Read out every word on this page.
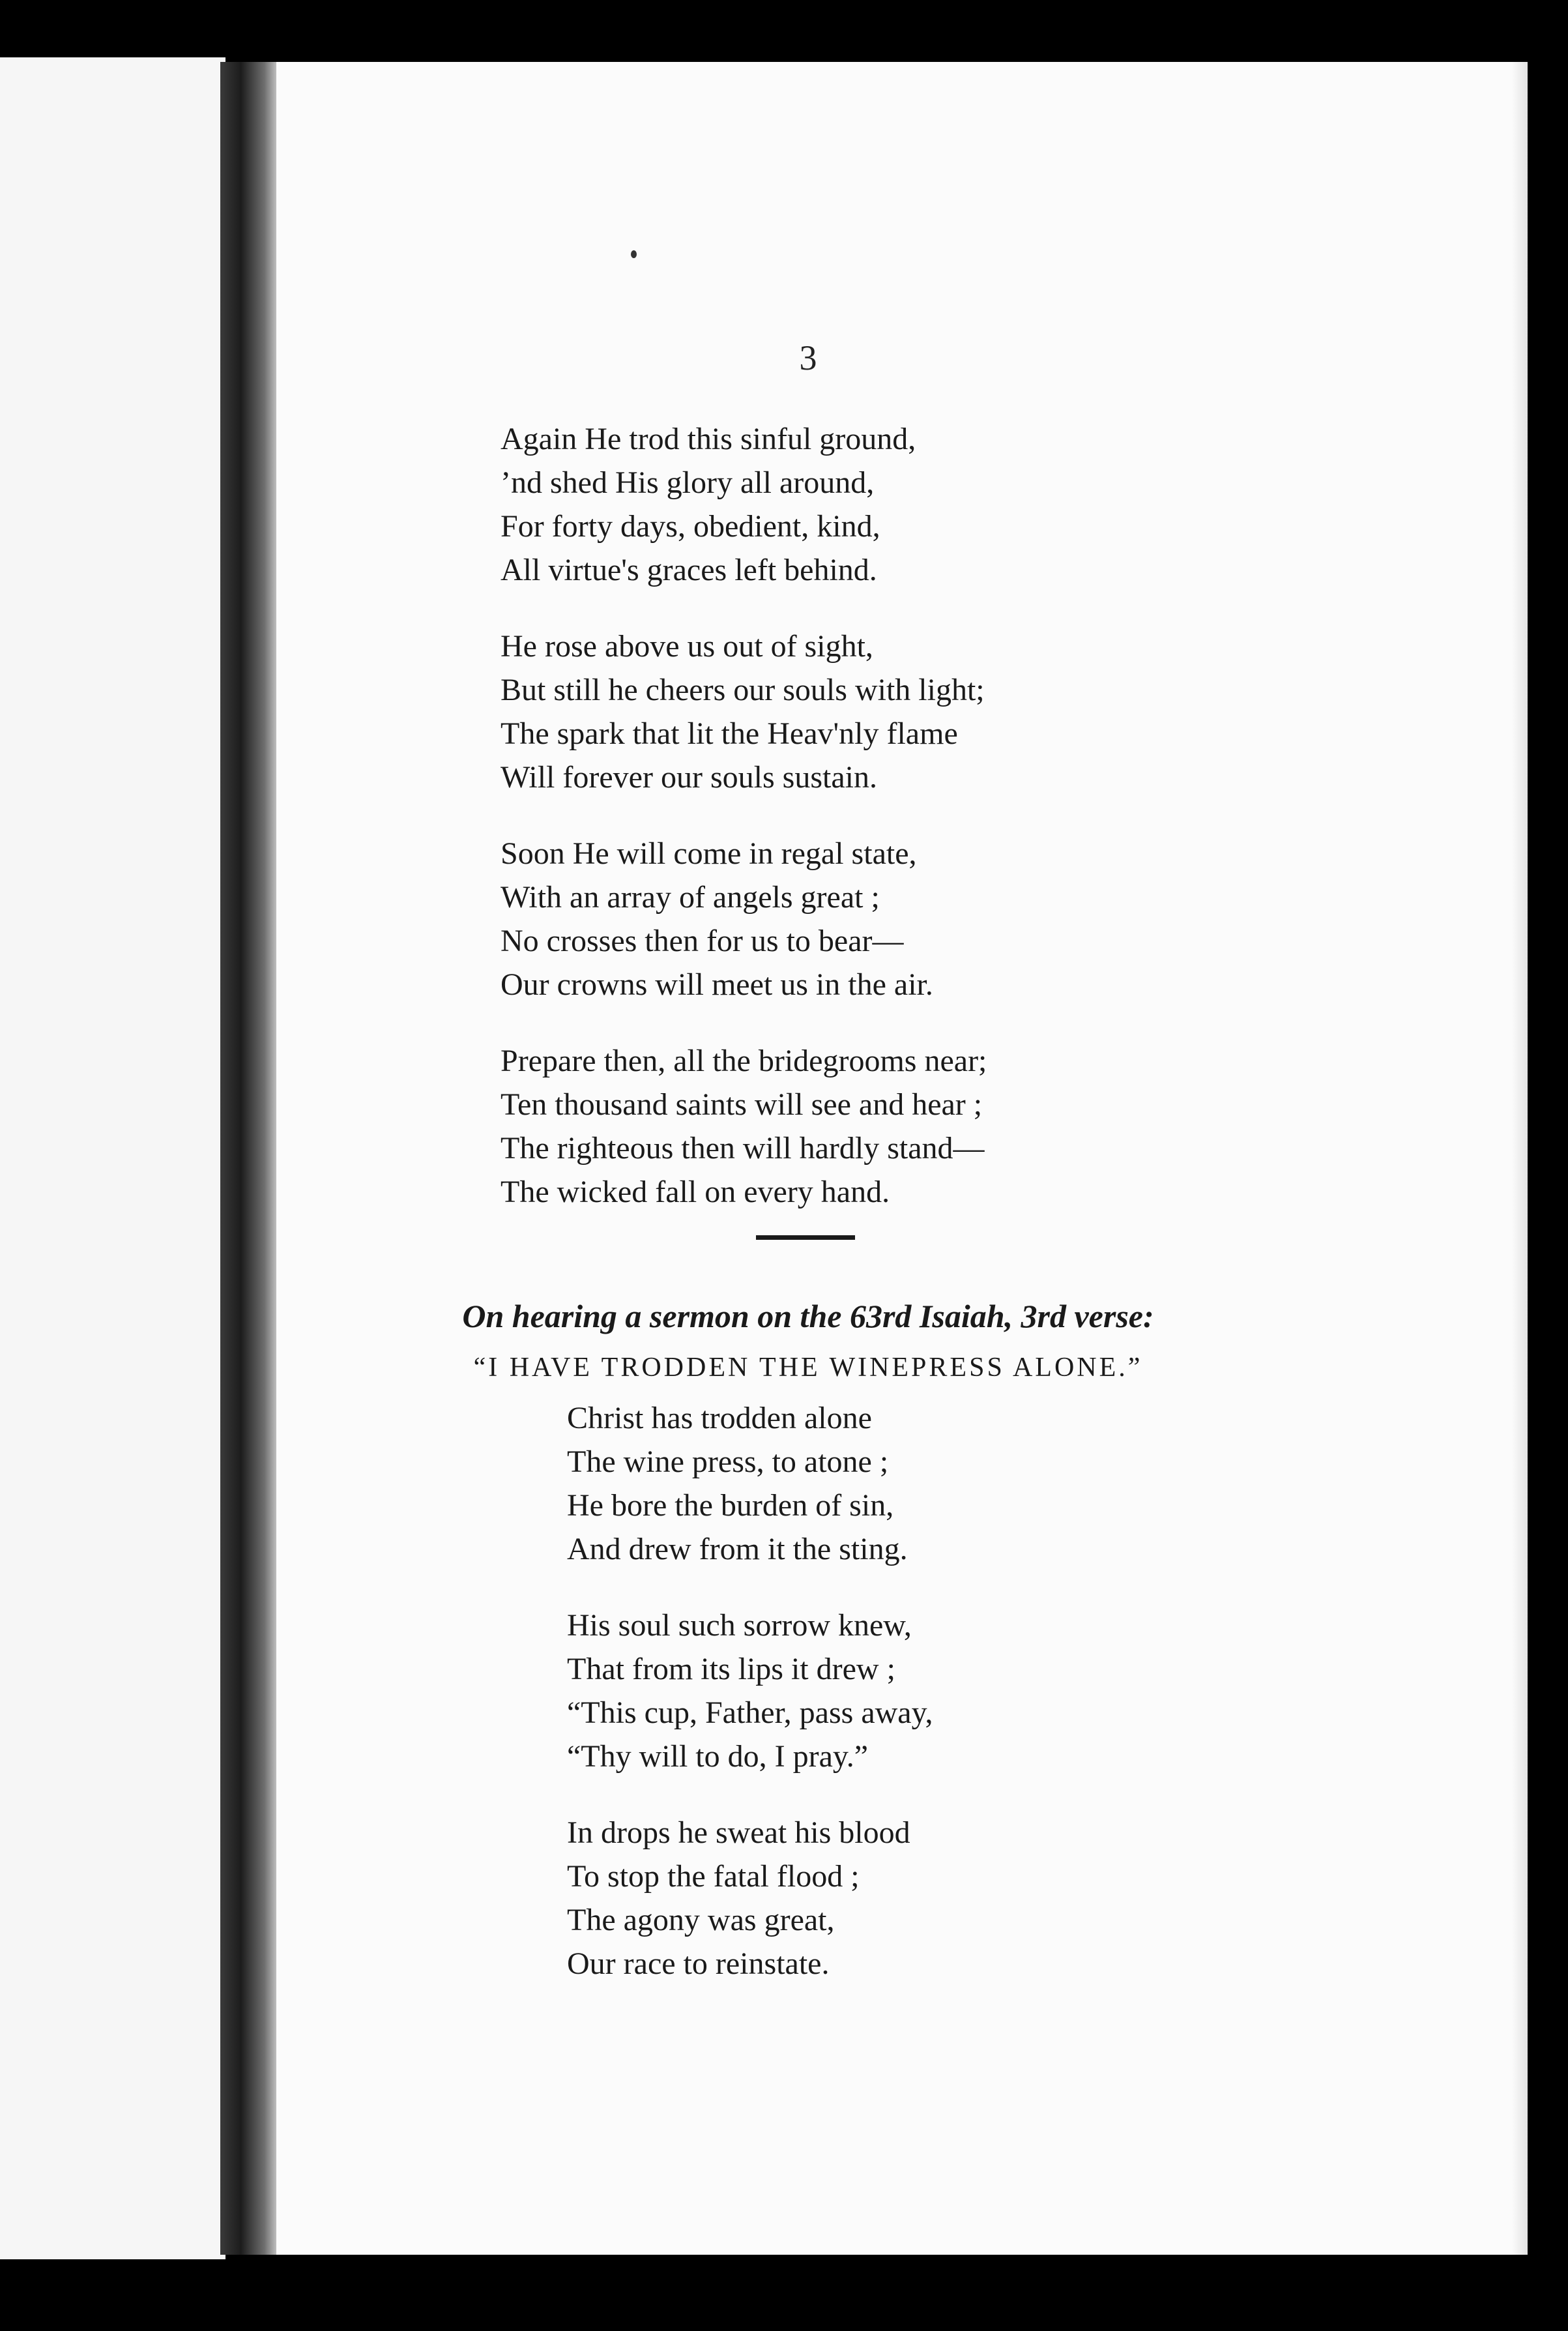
3
Again He trod this sinful ground,
’nd shed His glory all around,
For forty days, obedient, kind,
All virtue's graces left behind.
He rose above us out of sight,
But still he cheers our souls with light;
The spark that lit the Heav'nly flame
Will forever our souls sustain.
Soon He will come in regal state,
With an array of angels great ;
No crosses then for us to bear—
Our crowns will meet us in the air.
Prepare then, all the bridegrooms near;
Ten thousand saints will see and hear ;
The righteous then will hardly stand—
The wicked fall on every hand.
On hearing a sermon on the 63rd Isaiah, 3rd verse:
“I HAVE TRODDEN THE WINEPRESS ALONE.”
Christ has trodden alone
The wine press, to atone ;
He bore the burden of sin,
And drew from it the sting.
His soul such sorrow knew,
That from its lips it drew ;
“This cup, Father, pass away,
“Thy will to do, I pray.”
In drops he sweat his blood
To stop the fatal flood ;
The agony was great,
Our race to reinstate.
